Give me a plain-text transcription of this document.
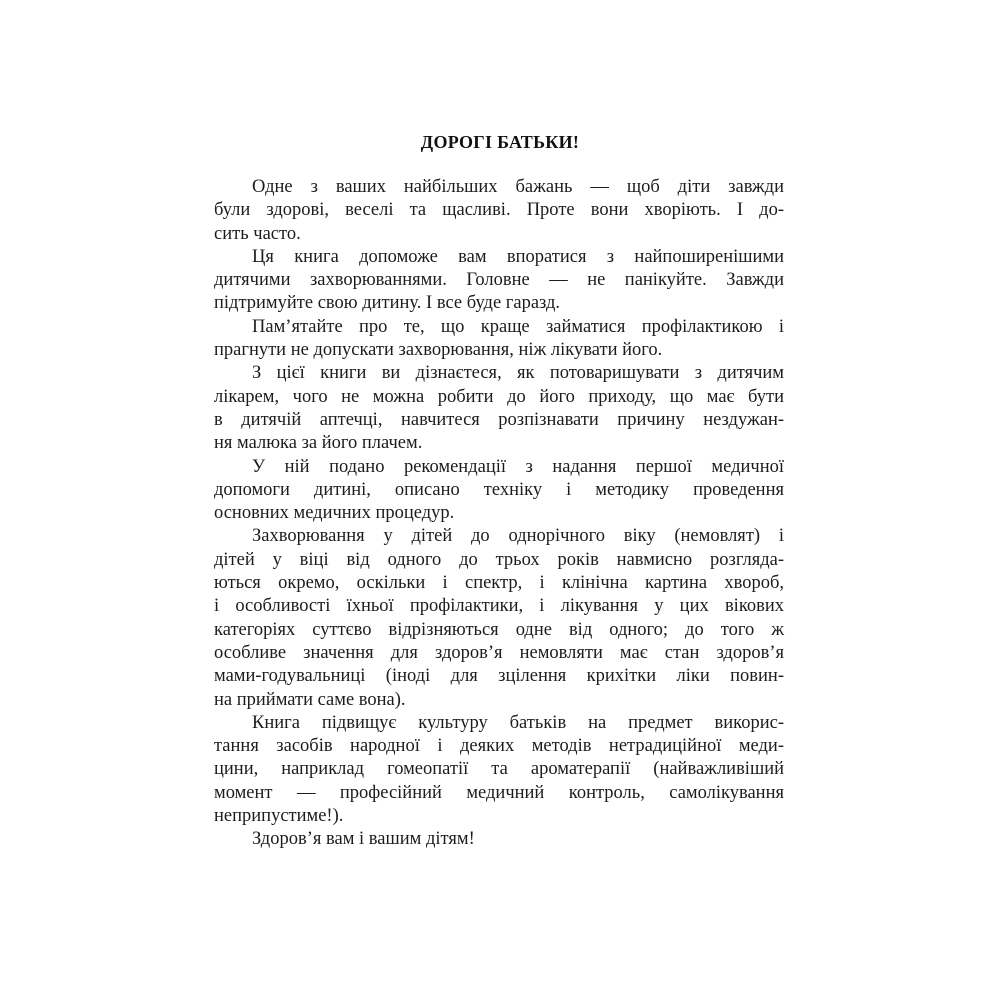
ДОРОГІ БАТЬКИ!
Одне з ваших найбільших бажань — щоб діти завжди
були здорові, веселі та щасливі. Проте вони хворіють. І до-
сить часто.
Ця книга допоможе вам впоратися з найпоширенішими
дитячими захворюваннями. Головне — не панікуйте. Завжди
підтримуйте свою дитину. І все буде гаразд.
Пам’ятайте про те, що краще займатися профілактикою і
прагнути не допускати захворювання, ніж лікувати його.
З цієї книги ви дізнаєтеся, як потоваришувати з дитячим
лікарем, чого не можна робити до його приходу, що має бути
в дитячій аптечці, навчитеся розпізнавати причину нездужан-
ня малюка за його плачем.
У ній подано рекомендації з надання першої медичної
допомоги дитині, описано техніку і методику проведення
основних медичних процедур.
Захворювання у дітей до однорічного віку (немовлят) і
дітей у віці від одного до трьох років навмисно розгляда-
ються окремо, оскільки і спектр, і клінічна картина хвороб,
і особливості їхньої профілактики, і лікування у цих вікових
категоріях суттєво відрізняються одне від одного; до того ж
особливе значення для здоров’я немовляти має стан здоров’я
мами-годувальниці (іноді для зцілення крихітки ліки повин-
на приймати саме вона).
Книга підвищує культуру батьків на предмет викорис-
тання засобів народної і деяких методів нетрадиційної меди-
цини, наприклад гомеопатії та ароматерапії (найважливіший
момент — професійний медичний контроль, самолікування
неприпустиме!).
Здоров’я вам і вашим дітям!
